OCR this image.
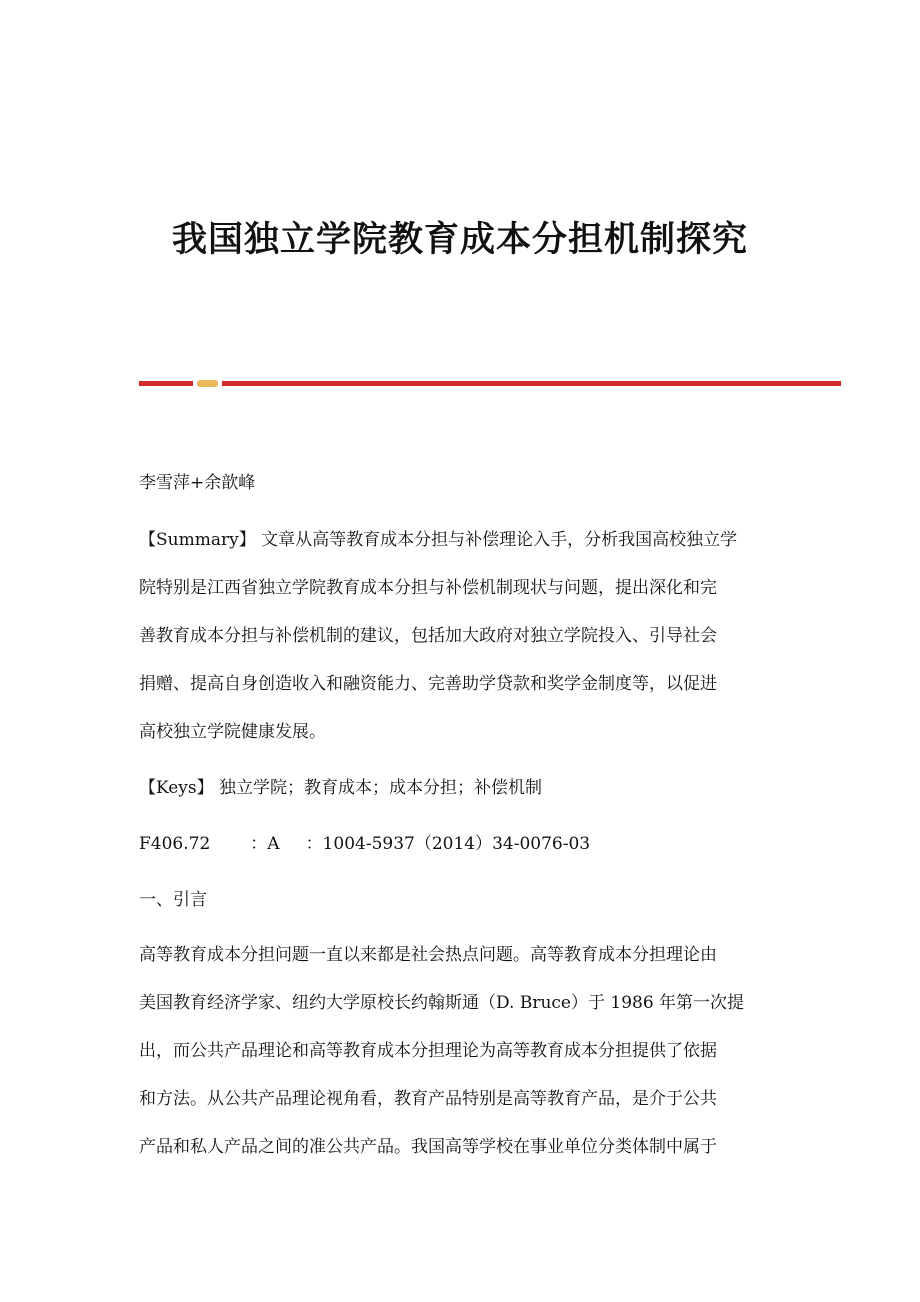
我国独立学院教育成本分担机制探究

李雪萍+余歆峰

【Summary】 文章从高等教育成本分担与补偿理论入手，分析我国高校独立学
院特别是江西省独立学院教育成本分担与补偿机制现状与问题，提出深化和完
善教育成本分担与补偿机制的建议，包括加大政府对独立学院投入、引导社会
捐赠、提高自身创造收入和融资能力、完善助学贷款和奖学金制度等，以促进
高校独立学院健康发展。

【Keys】 独立学院；教育成本；成本分担；补偿机制

F406.72 ：A ：1004-5937（2014）34-0076-03

一、引言

高等教育成本分担问题一直以来都是社会热点问题。高等教育成本分担理论由
美国教育经济学家、纽约大学原校长约翰斯通（D. Bruce）于 1986 年第一次提
出，而公共产品理论和高等教育成本分担理论为高等教育成本分担提供了依据
和方法。从公共产品理论视角看，教育产品特别是高等教育产品，是介于公共
产品和私人产品之间的准公共产品。我国高等学校在事业单位分类体制中属于
